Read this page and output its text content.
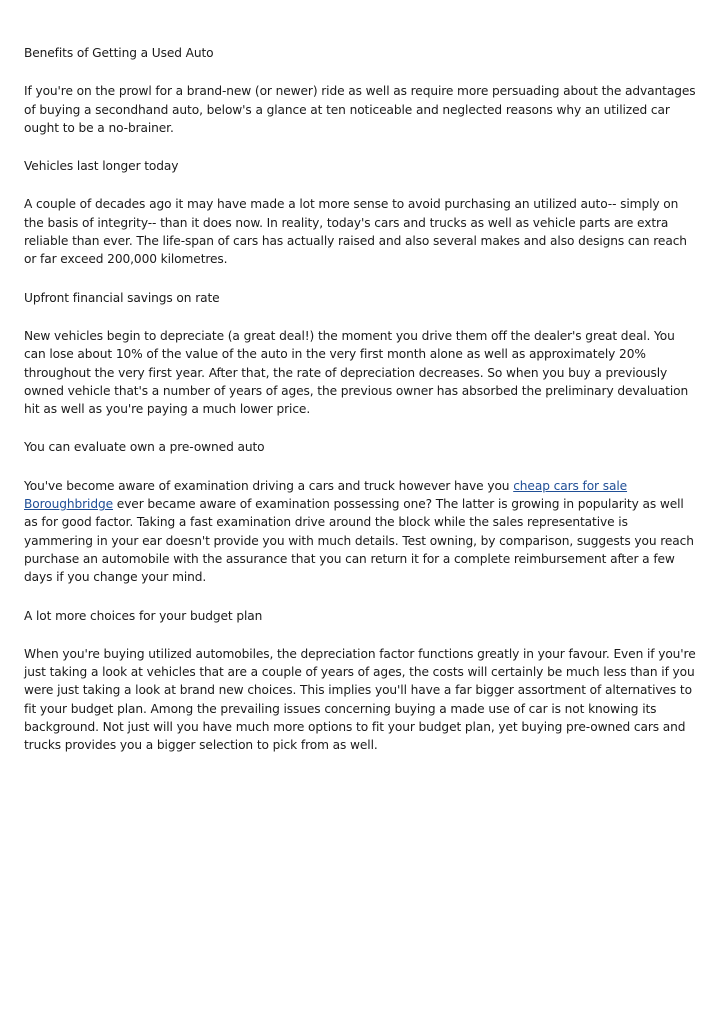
Benefits of Getting a Used Auto

If you're on the prowl for a brand-new (or newer) ride as well as require more persuading about the advantages of buying a secondhand auto, below's a glance at ten noticeable and neglected reasons why an utilized car ought to be a no-brainer.

Vehicles last longer today

A couple of decades ago it may have made a lot more sense to avoid purchasing an utilized auto-- simply on the basis of integrity-- than it does now. In reality, today's cars and trucks as well as vehicle parts are extra reliable than ever. The life-span of cars has actually raised and also several makes and also designs can reach or far exceed 200,000 kilometres.

Upfront financial savings on rate

New vehicles begin to depreciate (a great deal!) the moment you drive them off the dealer's great deal. You can lose about 10% of the value of the auto in the very first month alone as well as approximately 20% throughout the very first year. After that, the rate of depreciation decreases. So when you buy a previously owned vehicle that's a number of years of ages, the previous owner has absorbed the preliminary devaluation hit as well as you're paying a much lower price.

You can evaluate own a pre-owned auto

You've become aware of examination driving a cars and truck however have you cheap cars for sale Boroughbridge ever became aware of examination possessing one? The latter is growing in popularity as well as for good factor. Taking a fast examination drive around the block while the sales representative is yammering in your ear doesn't provide you with much details. Test owning, by comparison, suggests you reach purchase an automobile with the assurance that you can return it for a complete reimbursement after a few days if you change your mind.

A lot more choices for your budget plan

When you're buying utilized automobiles, the depreciation factor functions greatly in your favour. Even if you're just taking a look at vehicles that are a couple of years of ages, the costs will certainly be much less than if you were just taking a look at brand new choices. This implies you'll have a far bigger assortment of alternatives to fit your budget plan. Among the prevailing issues concerning buying a made use of car is not knowing its background. Not just will you have much more options to fit your budget plan, yet buying pre-owned cars and trucks provides you a bigger selection to pick from as well.
